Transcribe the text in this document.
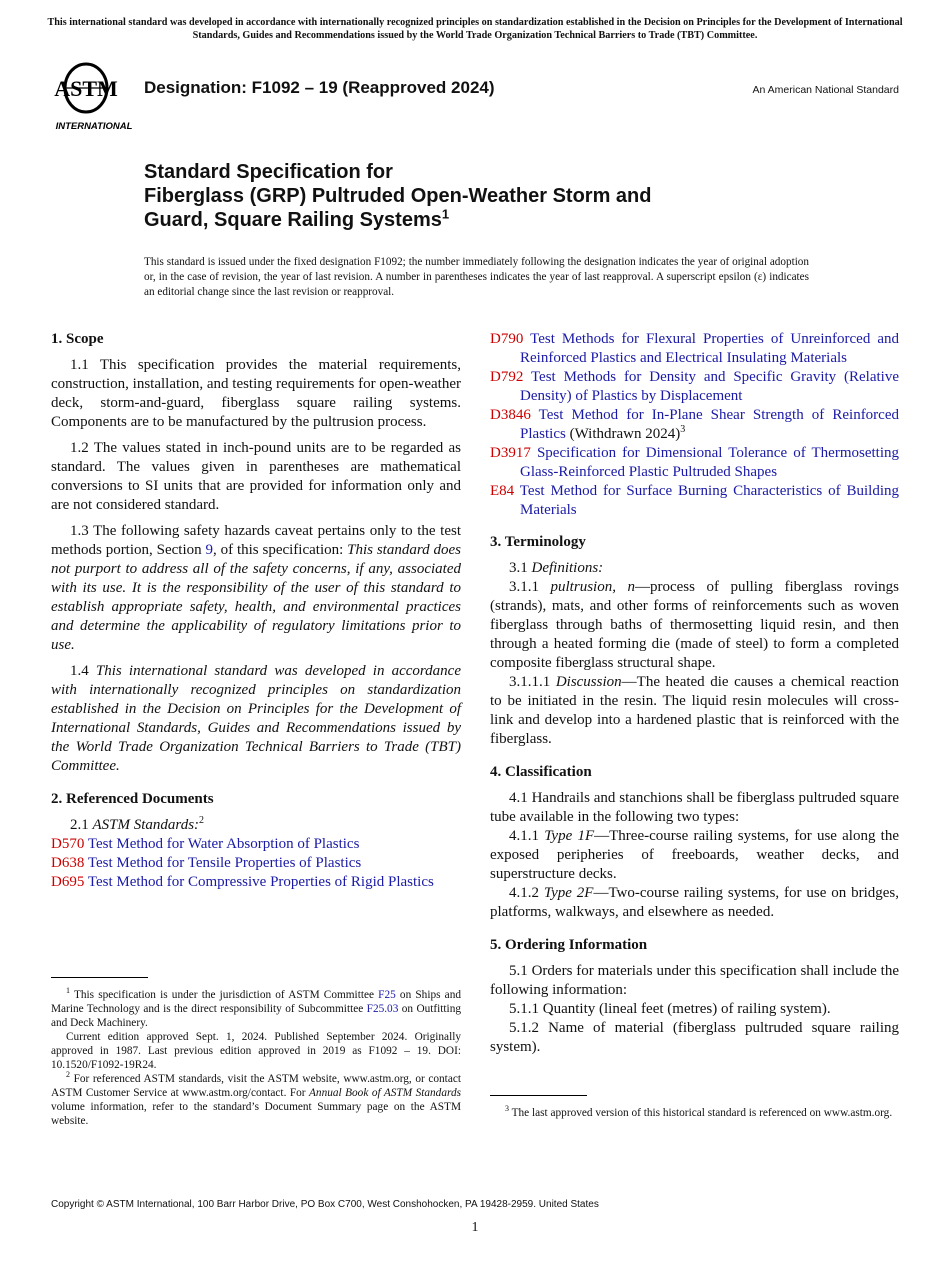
This international standard was developed in accordance with internationally recognized principles on standardization established in the Decision on Principles for the Development of International Standards, Guides and Recommendations issued by the World Trade Organization Technical Barriers to Trade (TBT) Committee.
ASTM
INTERNATIONAL
Designation: F1092 – 19 (Reapproved 2024)	An American National Standard
Standard Specification for
Fiberglass (GRP) Pultruded Open-Weather Storm and
Guard, Square Railing Systems$^1$

This standard is issued under the fixed designation F1092; the number immediately following the designation indicates the year of original adoption or, in the case of revision, the year of last revision. A number in parentheses indicates the year of last reapproval. A superscript epsilon (ε) indicates an editorial change since the last revision or reapproval.

1. Scope

1.1 This specification provides the material requirements, construction, installation, and testing requirements for open-weather deck, storm-and-guard, fiberglass square railing systems. Components are to be manufactured by the pultrusion process.

1.2 The values stated in inch-pound units are to be regarded as standard. The values given in parentheses are mathematical conversions to SI units that are provided for information only and are not considered standard.

1.3 The following safety hazards caveat pertains only to the test methods portion, Section 9, of this specification: This standard does not purport to address all of the safety concerns, if any, associated with its use. It is the responsibility of the user of this standard to establish appropriate safety, health, and environmental practices and determine the applicability of regulatory limitations prior to use.

1.4 This international standard was developed in accordance with internationally recognized principles on standardization established in the Decision on Principles for the Development of International Standards, Guides and Recommendations issued by the World Trade Organization Technical Barriers to Trade (TBT) Committee.

2. Referenced Documents

2.1 ASTM Standards:$^2$

D570 Test Method for Water Absorption of Plastics

D638 Test Method for Tensile Properties of Plastics

D695 Test Method for Compressive Properties of Rigid Plastics

$^1$ This specification is under the jurisdiction of ASTM Committee F25 on Ships and Marine Technology and is the direct responsibility of Subcommittee F25.03 on Outfitting and Deck Machinery.

Current edition approved Sept. 1, 2024. Published September 2024. Originally approved in 1987. Last previous edition approved in 2019 as F1092 – 19. DOI: 10.1520/F1092-19R24.

$^2$ For referenced ASTM standards, visit the ASTM website, www.astm.org, or contact ASTM Customer Service at www.astm.org/contact. For Annual Book of ASTM Standards volume information, refer to the standard’s Document Summary page on the ASTM website.

D790 Test Methods for Flexural Properties of Unreinforced and Reinforced Plastics and Electrical Insulating Materials

D792 Test Methods for Density and Specific Gravity (Relative Density) of Plastics by Displacement

D3846 Test Method for In-Plane Shear Strength of Reinforced Plastics (Withdrawn 2024)$^3$

D3917 Specification for Dimensional Tolerance of Thermosetting Glass-Reinforced Plastic Pultruded Shapes

E84 Test Method for Surface Burning Characteristics of Building Materials

3. Terminology

3.1 Definitions:

3.1.1 pultrusion, n—process of pulling fiberglass rovings (strands), mats, and other forms of reinforcements such as woven fiberglass through baths of thermosetting liquid resin, and then through a heated forming die (made of steel) to form a completed composite fiberglass structural shape.

3.1.1.1 Discussion—The heated die causes a chemical reaction to be initiated in the resin. The liquid resin molecules will cross-link and develop into a hardened plastic that is reinforced with the fiberglass.

4. Classification

4.1 Handrails and stanchions shall be fiberglass pultruded square tube available in the following two types:

4.1.1 Type 1F—Three-course railing systems, for use along the exposed peripheries of freeboards, weather decks, and superstructure decks.

4.1.2 Type 2F—Two-course railing systems, for use on bridges, platforms, walkways, and elsewhere as needed.

5. Ordering Information

5.1 Orders for materials under this specification shall include the following information:

5.1.1 Quantity (lineal feet (metres) of railing system).

5.1.2 Name of material (fiberglass pultruded square railing system).

$^3$ The last approved version of this historical standard is referenced on www.astm.org.

Copyright © ASTM International, 100 Barr Harbor Drive, PO Box C700, West Conshohocken, PA 19428-2959. United States
1
